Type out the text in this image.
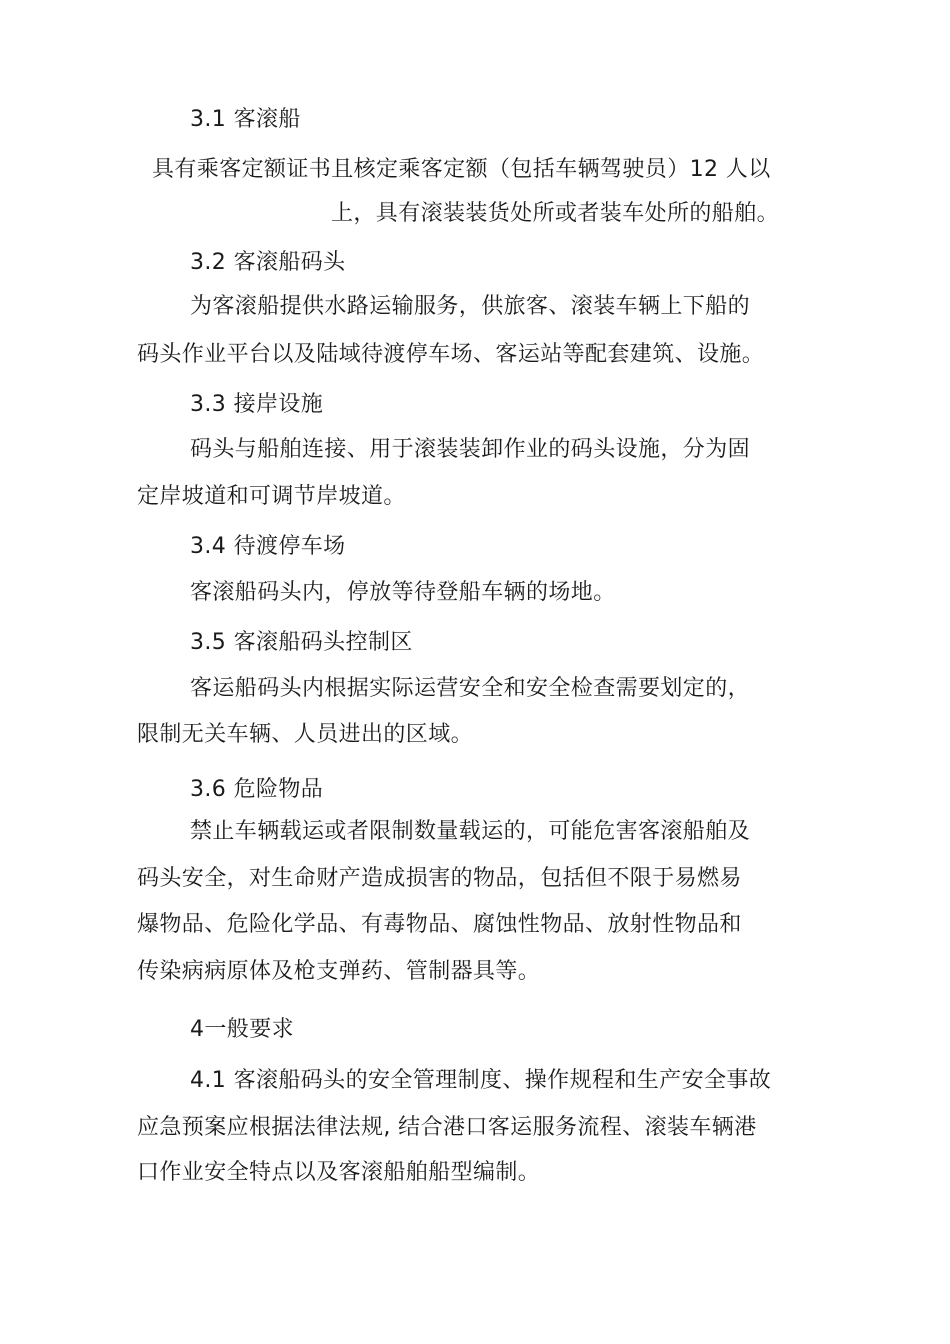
3.1 客滚船
具有乘客定额证书且核定乘客定额（包括车辆驾驶员）12 人以
上，具有滚装装货处所或者装车处所的船舶。
3.2 客滚船码头
为客滚船提供水路运输服务，供旅客、滚装车辆上下船的
码头作业平台以及陆域待渡停车场、客运站等配套建筑、设施。
3.3 接岸设施
码头与船舶连接、用于滚装装卸作业的码头设施，分为固
定岸坡道和可调节岸坡道。
3.4 待渡停车场
客滚船码头内，停放等待登船车辆的场地。
3.5 客滚船码头控制区
客运船码头内根据实际运营安全和安全检查需要划定的，
限制无关车辆、人员进出的区域。
3.6 危险物品
禁止车辆载运或者限制数量载运的，可能危害客滚船舶及
码头安全，对生命财产造成损害的物品，包括但不限于易燃易
爆物品、危险化学品、有毒物品、腐蚀性物品、放射性物品和
传染病病原体及枪支弹药、管制器具等。
4一般要求
4.1 客滚船码头的安全管理制度、操作规程和生产安全事故
应急预案应根据法律法规, 结合港口客运服务流程、滚装车辆港
口作业安全特点以及客滚船舶船型编制。
